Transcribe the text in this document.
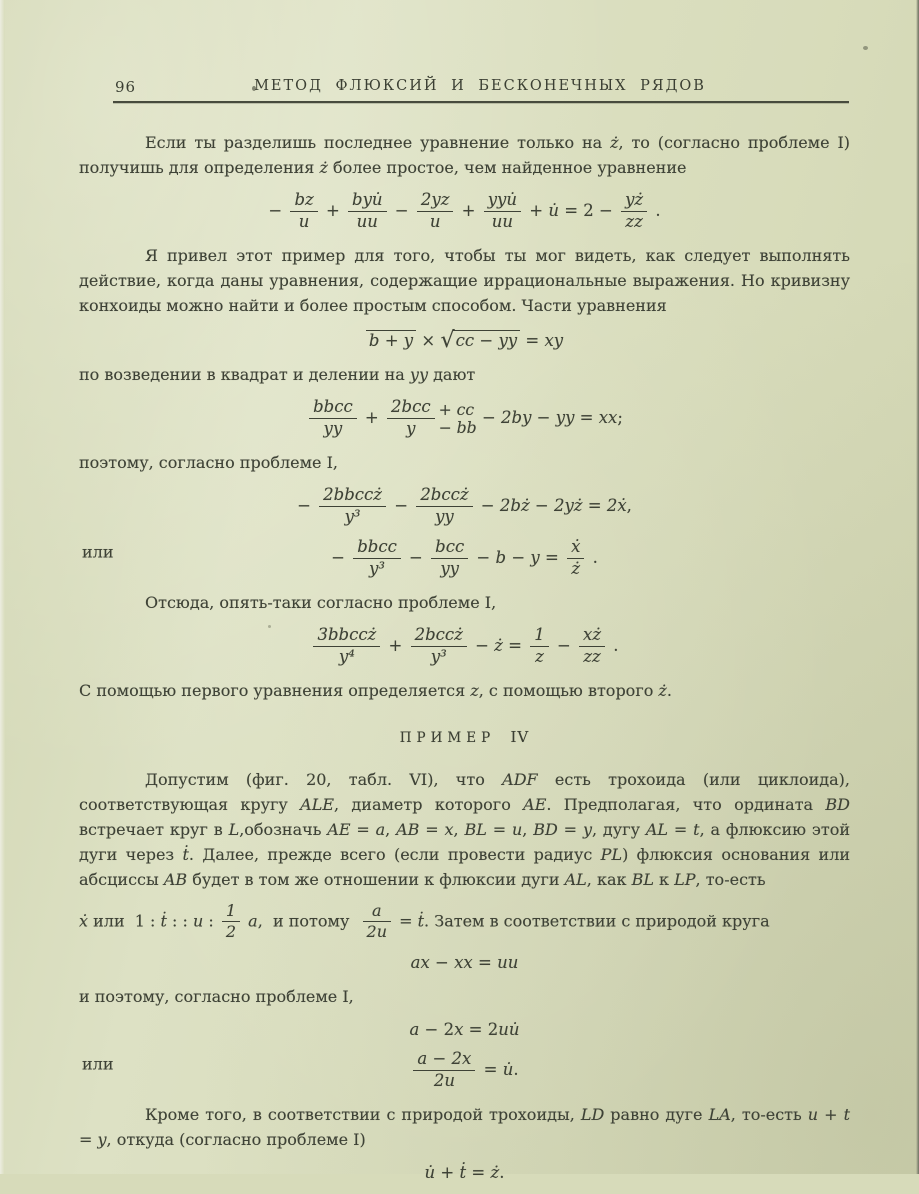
96	МЕТОД ФЛЮКСИЙ И БЕСКОНЕЧНЫХ РЯДОВ

Если ты разделишь последнее уравнение только на ż, то (согласно проблеме I) получишь для определения ż более простое, чем найденное уравнение

− $\frac{bz}{u}$ +
byu̇
uu
− $\frac{2yz}{u}$ +
yyu̇
uu
+ u̇ = $2 - \frac{yż}{zz}$ .

Я привел этот пример для того, чтобы ты мог видеть, как следует выполнять действие, когда даны уравнения, содержащие иррациональные выражения. Но кривизну конхоиды можно найти и более простым способом. Части уравнения

b + y × √cc − yy = xy

по возведении в квадрат и делении на yy дают

bbcc
yy
+
2bcc
y
+ cc
− bb − 2by − yy = xx;

поэтому, согласно проблеме I,

−
2bbccż
y³
−
2bccż
yy
− 2bż − 2yż = 2ẋ,
или	−
bbcc
y³
−
bcc
yy
− $b - y = \frac{\text{ẋ}}{ż}$ .

Отсюда, опять-таки согласно проблеме I,

3bbccż
y⁴
+
2bccż
y³
− ż = $\frac{1}{z} - \frac{xż}{zz}$ .

С помощью первого уравнения определяется z, с помощью второго ż.

ПРИМЕР IV

Допустим (фиг. 20, табл. VI), что ADF есть трохоида (или циклоида), соответствующая кругу ALE, диаметр которого AE. Предполагая, что ордината BD встречает круг в L,обозначь AE = a, AB = x, BL = u, BD = y, дугу AL = t, а флюксию этой дуги через ṫ. Далее, прежде всего (если провести радиус PL) флюксия основания или абсциссы AB будет в том же отношении к флюксии дуги AL, как BL к LP, то-есть

ẋ или  1 : ṫ : : u : $\frac{1}{2} a$,  и потому $\frac{a}{2u}$ = ṫ. Затем в соответствии с природой круга

ax − xx = uu

и поэтому, согласно проблеме I,

a − 2x = 2uu̇
или	$\frac{a - 2x}{2u}$ = u̇.

Кроме того, в соответствии с природой трохоиды, LD равно дуге LA, то-есть u + t = y, откуда (согласно проблеме I)

u̇ + ṫ = ż.
